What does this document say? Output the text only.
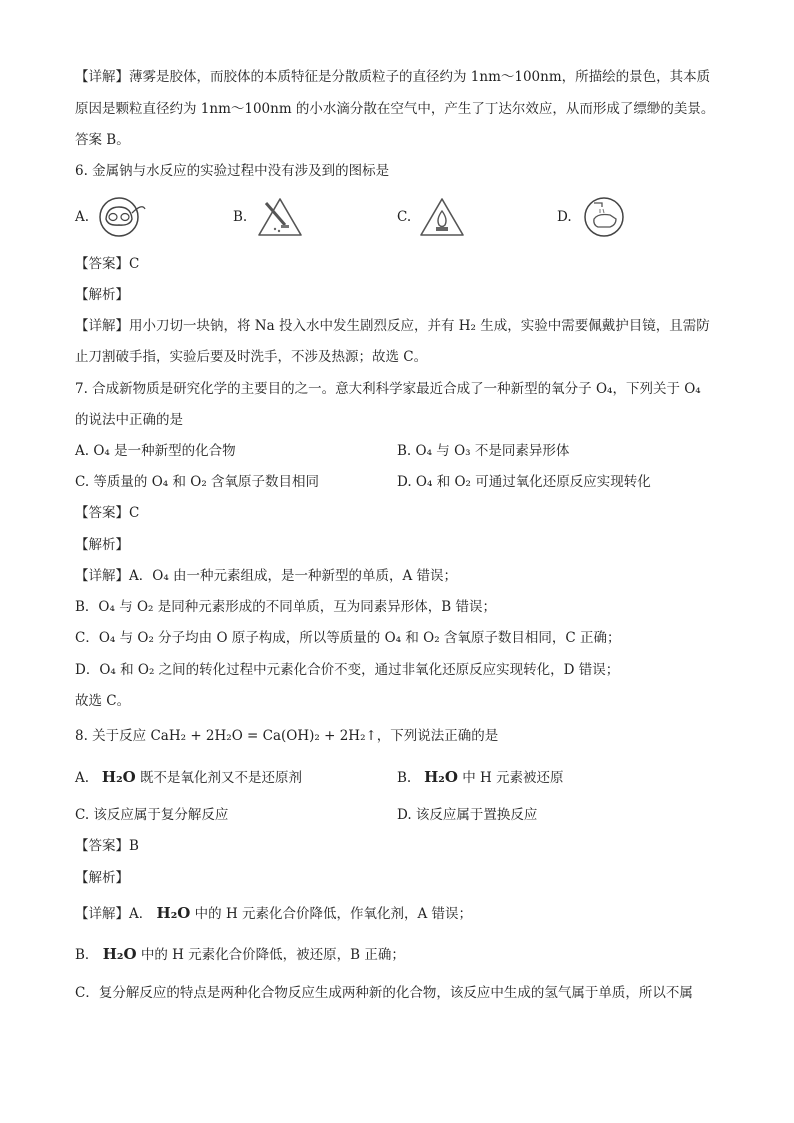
【详解】薄雾是胶体，而胶体的本质特征是分散质粒子的直径约为 1nm～100nm，所描绘的景色，其本质
原因是颗粒直径约为 1nm～100nm 的小水滴分散在空气中，产生了丁达尔效应，从而形成了缥缈的美景。
答案 B。
6. 金属钠与水反应的实验过程中没有涉及到的图标是
A.	B.	C.	D.
【答案】C
【解析】
【详解】用小刀切一块钠，将 Na 投入水中发生剧烈反应，并有 H₂ 生成，实验中需要佩戴护目镜，且需防
止刀割破手指，实验后要及时洗手，不涉及热源；故选 C。
7. 合成新物质是研究化学的主要目的之一。意大利科学家最近合成了一种新型的氧分子 O₄，下列关于 O₄
的说法中正确的是
A. O₄ 是一种新型的化合物	B. O₄ 与 O₃ 不是同素异形体
C. 等质量的 O₄ 和 O₂ 含氧原子数目相同	D. O₄ 和 O₂ 可通过氧化还原反应实现转化
【答案】C
【解析】
【详解】A．O₄ 由一种元素组成，是一种新型的单质，A 错误；
B．O₄ 与 O₂ 是同种元素形成的不同单质，互为同素异形体，B 错误；
C．O₄ 与 O₂ 分子均由 O 原子构成，所以等质量的 O₄ 和 O₂ 含氧原子数目相同，C 正确；
D．O₄ 和 O₂ 之间的转化过程中元素化合价不变，通过非氧化还原反应实现转化，D 错误；
故选 C。
8. 关于反应 CaH₂ + 2H₂O = Ca(OH)₂ + 2H₂↑，下列说法正确的是
A. H₂O 既不是氧化剂又不是还原剂	B. H₂O 中 H 元素被还原
C. 该反应属于复分解反应	D. 该反应属于置换反应
【答案】B
【解析】
【详解】A． H₂O 中的 H 元素化合价降低，作氧化剂，A 错误；
B． H₂O 中的 H 元素化合价降低，被还原，B 正确；
C．复分解反应的特点是两种化合物反应生成两种新的化合物，该反应中生成的氢气属于单质，所以不属
